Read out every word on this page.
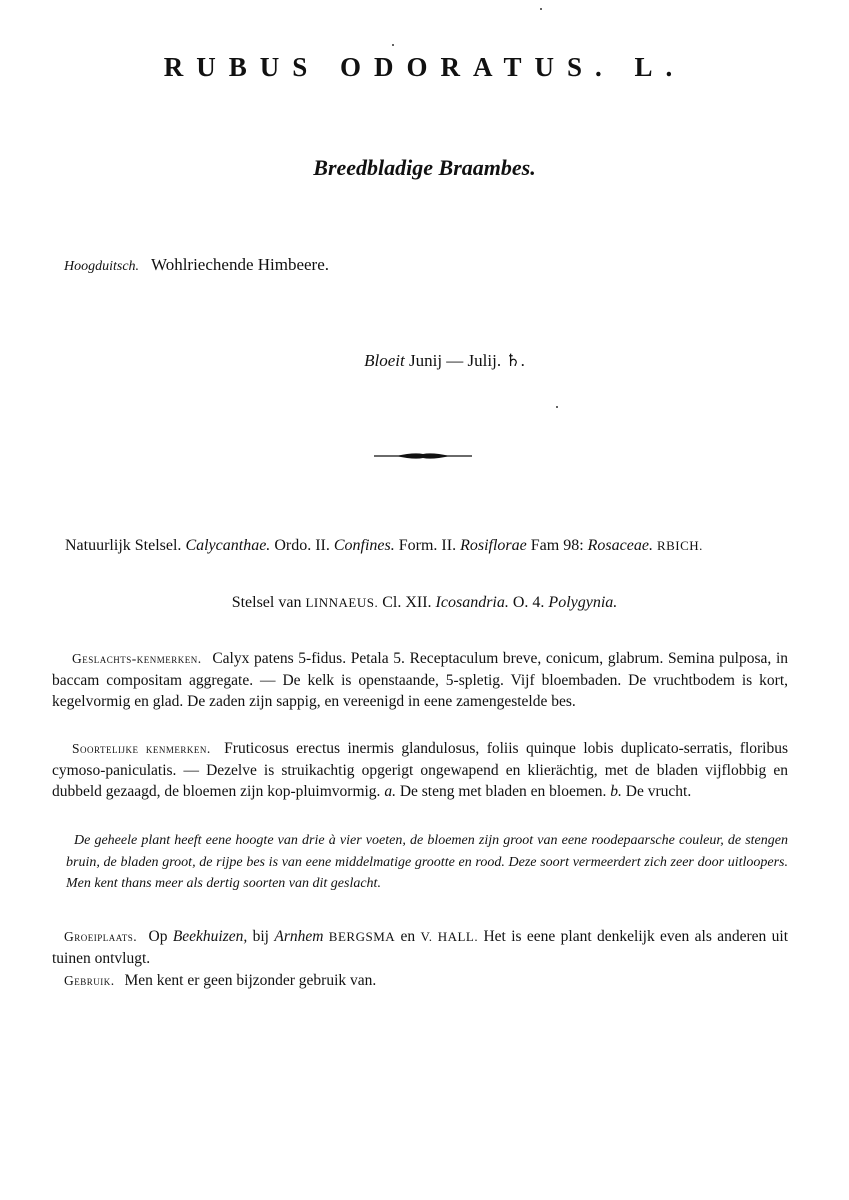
RUBUS ODORATUS. L.
Breedbladige Braambes.
Hoogduitsch. Wohlriechende Himbeere.
Bloeit Junij — Julij. ♄.
Natuurlijk Stelsel. Calycanthae. Ordo. II. Confines. Form. II. Rosiflorae Fam 98: Rosaceae. RBICH.
Stelsel van LINNAEUS. Cl. XII. Icosandria. O. 4. Polygynia.
Geslachts-kenmerken. Calyx patens 5-fidus. Petala 5. Receptaculum breve, conicum, glabrum. Semina pulposa, in baccam compositam aggregate. — De kelk is openstaande, 5-spletig. Vijf bloembaden. De vruchtbodem is kort, kegelvormig en glad. De zaden zijn sappig, en vereenigd in eene zamengestelde bes.
Soortelijke kenmerken. Fruticosus erectus inermis glandulosus, foliis quinque lobis duplicato-serratis, floribus cymoso-paniculatis. — Dezelve is struikachtig opgerigt ongewapend en klierächtig, met de bladen vijflobbig en dubbeld gezaagd, de bloemen zijn kop-pluimvormig. a. De steng met bladen en bloemen. b. De vrucht.
De geheele plant heeft eene hoogte van drie à vier voeten, de bloemen zijn groot van eene roodepaarsche couleur, de stengen bruin, de bladen groot, de rijpe bes is van eene middelmatige grootte en rood. Deze soort vermeerdert zich zeer door uitloopers. Men kent thans meer als dertig soorten van dit geslacht.
Groeiplaats. Op Beekhuizen, bij Arnhem BERGSMA en V. HALL. Het is eene plant denkelijk even als anderen uit tuinen ontvlugt.
Gebruik. Men kent er geen bijzonder gebruik van.
